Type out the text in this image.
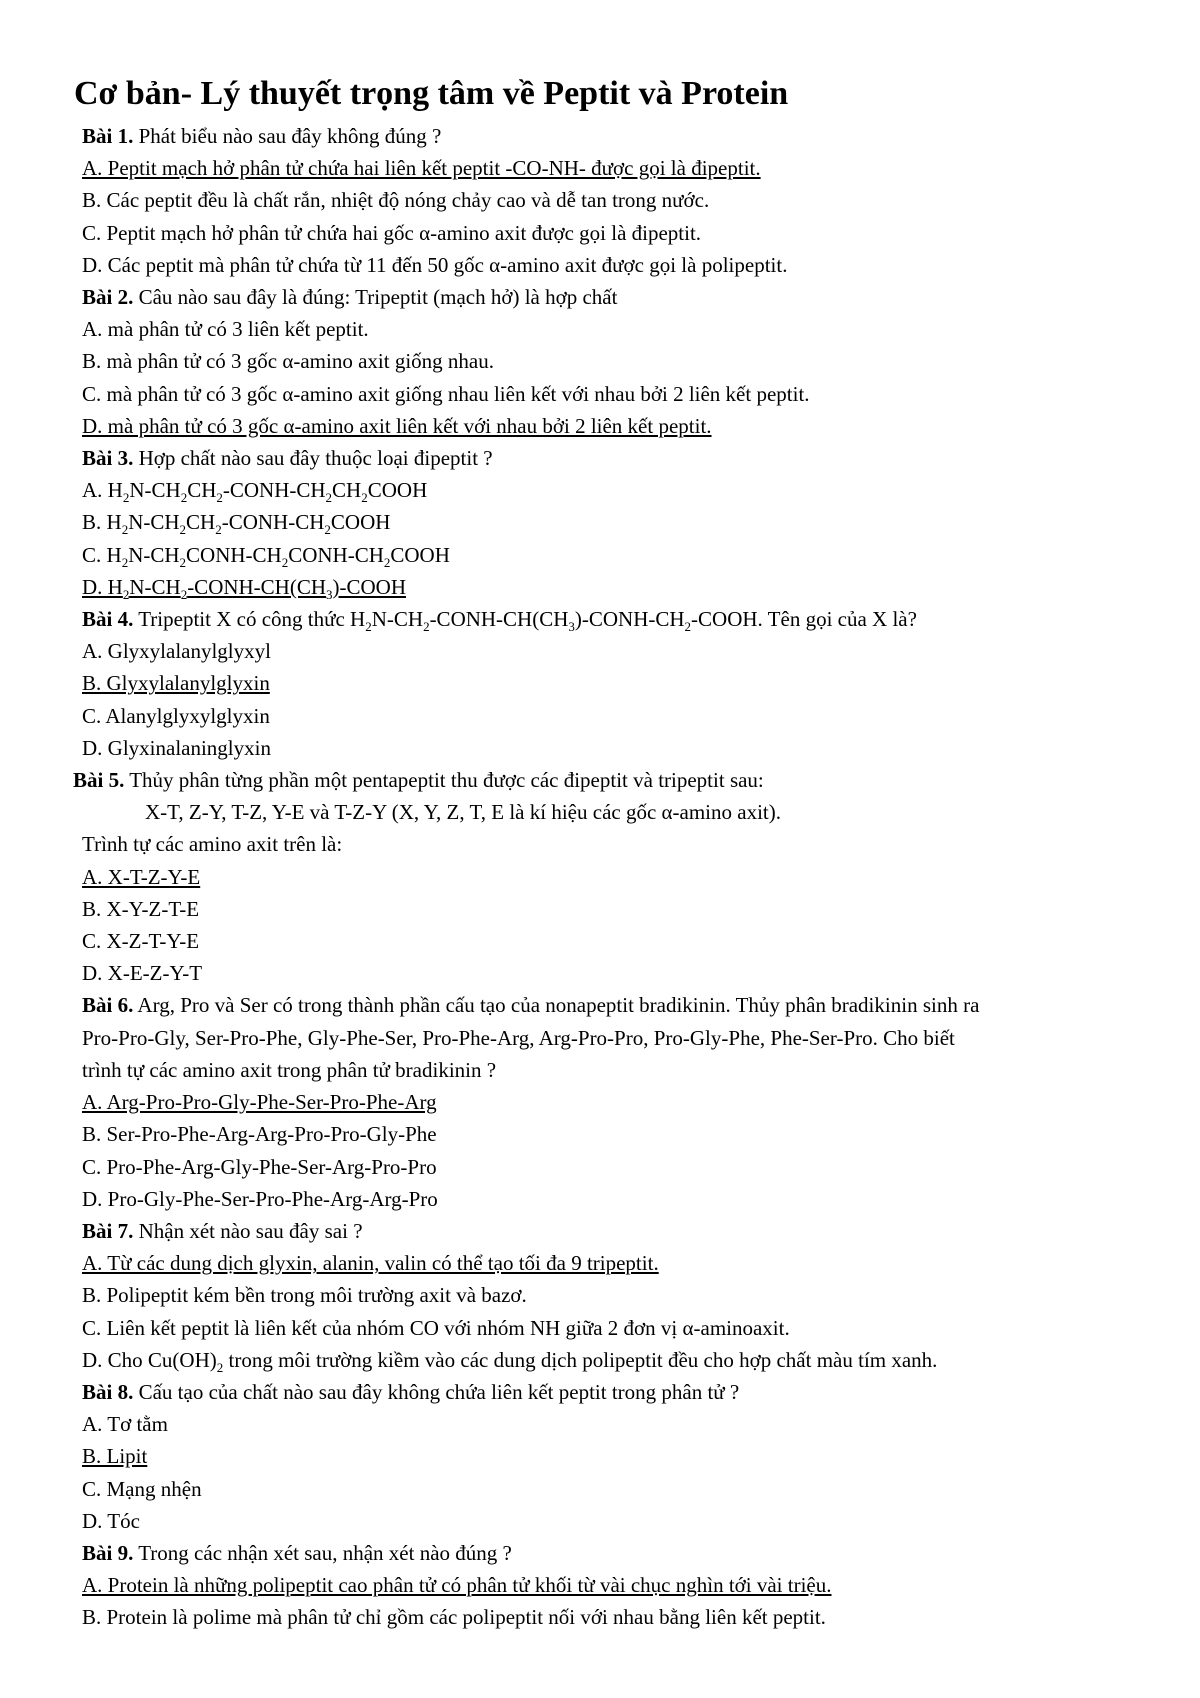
Cơ bản- Lý thuyết trọng tâm về Peptit và Protein
Bài 1. Phát biểu nào sau đây không đúng ?
A. Peptit mạch hở phân tử chứa hai liên kết peptit -CO-NH- được gọi là đipeptit.
B. Các peptit đều là chất rắn, nhiệt độ nóng chảy cao và dễ tan trong nước.
C. Peptit mạch hở phân tử chứa hai gốc α-amino axit được gọi là đipeptit.
D. Các peptit mà phân tử chứa từ 11 đến 50 gốc α-amino axit được gọi là polipeptit.
Bài 2. Câu nào sau đây là đúng: Tripeptit (mạch hở) là hợp chất
A. mà phân tử có 3 liên kết peptit.
B. mà phân tử có 3 gốc α-amino axit giống nhau.
C. mà phân tử có 3 gốc α-amino axit giống nhau liên kết với nhau bởi 2 liên kết peptit.
D. mà phân tử có 3 gốc α-amino axit liên kết với nhau bởi 2 liên kết peptit.
Bài 3. Hợp chất nào sau đây thuộc loại đipeptit ?
A. $H_2N-CH_2CH_2-CONH-CH_2CH_2COOH$
B. $H_2N-CH_2CH_2-CONH-CH_2COOH$
C. $H_2N-CH_2CONH-CH_2CONH-CH_2COOH$
D. $H_2N-CH_2-CONH-CH(CH_3)$-COOH
Bài 4. Tripeptit X có công thức $H_2N-CH_2-CONH-CH(CH_3)-CONH-CH_2$-COOH. Tên gọi của X là?
A. Glyxylalanylglyxyl
B. Glyxylalanylglyxin
C. Alanylglyxylglyxin
D. Glyxinalaninglyxin
Bài 5. Thủy phân từng phần một pentapeptit thu được các đipeptit và tripeptit sau:
X-T, Z-Y, T-Z, Y-E và T-Z-Y (X, Y, Z, T, E là kí hiệu các gốc α-amino axit).
Trình tự các amino axit trên là:
A. X-T-Z-Y-E
B. X-Y-Z-T-E
C. X-Z-T-Y-E
D. X-E-Z-Y-T
Bài 6. Arg, Pro và Ser có trong thành phần cấu tạo của nonapeptit bradikinin. Thủy phân bradikinin sinh ra
Pro-Pro-Gly, Ser-Pro-Phe, Gly-Phe-Ser, Pro-Phe-Arg, Arg-Pro-Pro, Pro-Gly-Phe, Phe-Ser-Pro. Cho biết
trình tự các amino axit trong phân tử bradikinin ?
A. Arg-Pro-Pro-Gly-Phe-Ser-Pro-Phe-Arg
B. Ser-Pro-Phe-Arg-Arg-Pro-Pro-Gly-Phe
C. Pro-Phe-Arg-Gly-Phe-Ser-Arg-Pro-Pro
D. Pro-Gly-Phe-Ser-Pro-Phe-Arg-Arg-Pro
Bài 7. Nhận xét nào sau đây sai ?
A. Từ các dung dịch glyxin, alanin, valin có thể tạo tối đa 9 tripeptit.
B. Polipeptit kém bền trong môi trường axit và bazơ.
C. Liên kết peptit là liên kết của nhóm CO với nhóm NH giữa 2 đơn vị α-aminoaxit.
D. Cho $Cu(OH)_2$ trong môi trường kiềm vào các dung dịch polipeptit đều cho hợp chất màu tím xanh.
Bài 8. Cấu tạo của chất nào sau đây không chứa liên kết peptit trong phân tử ?
A. Tơ tằm
B. Lipit
C. Mạng nhện
D. Tóc
Bài 9. Trong các nhận xét sau, nhận xét nào đúng ?
A. Protein là những polipeptit cao phân tử có phân tử khối từ vài chục nghìn tới vài triệu.
B. Protein là polime mà phân tử chỉ gồm các polipeptit nối với nhau bằng liên kết peptit.
